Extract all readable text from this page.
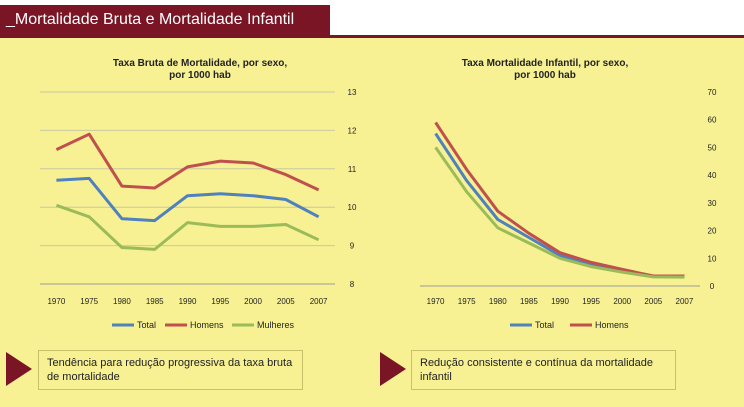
_Mortalidade Bruta e Mortalidade Infantil
Taxa Bruta de Mortalidade, por sexo,
por 1000 hab
8
9
10
11
12
13
1970 1975 1980 1985 1990 1995 2000 2005 2007
Total	Homens	Mulheres
Taxa Mortalidade Infantil, por sexo,
por 1000 hab
0
10
20
30
40
50
60
70
1970 1975 1980 1985 1990 1995 2000 2005 2007
Total	Homens
Tendência para redução progressiva da taxa bruta de mortalidade
Redução consistente e contínua da mortalidade infantil
